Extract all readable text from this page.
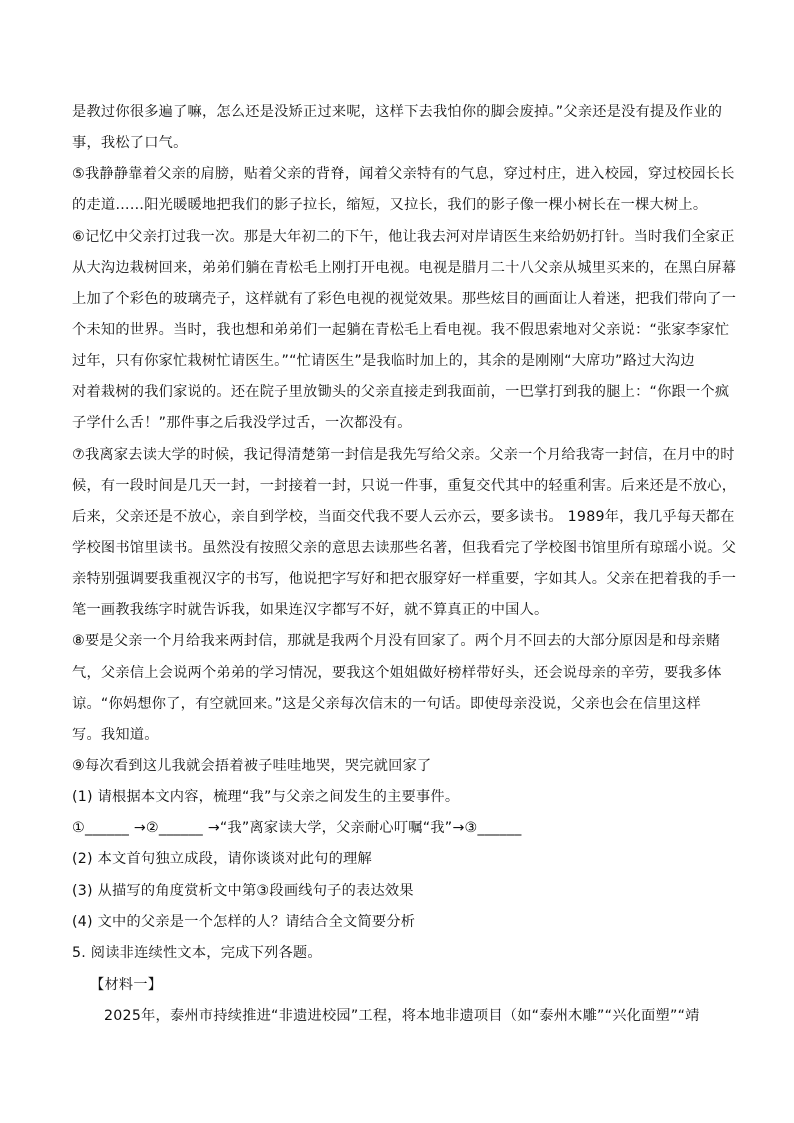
是教过你很多遍了嘛，怎么还是没矫正过来呢，这样下去我怕你的脚会废掉。”父亲还是没有提及作业的
事，我松了口气。
⑤我静静靠着父亲的肩膀，贴着父亲的背脊，闻着父亲特有的气息，穿过村庄，进入校园，穿过校园长长
的走道……阳光暖暖地把我们的影子拉长，缩短，又拉长，我们的影子像一棵小树长在一棵大树上。
⑥记忆中父亲打过我一次。那是大年初二的下午，他让我去河对岸请医生来给奶奶打针。当时我们全家正
从大沟边栽树回来，弟弟们躺在青松毛上刚打开电视。电视是腊月二十八父亲从城里买来的，在黑白屏幕
上加了个彩色的玻璃壳子，这样就有了彩色电视的视觉效果。那些炫目的画面让人着迷，把我们带向了一
个未知的世界。当时，我也想和弟弟们一起躺在青松毛上看电视。我不假思索地对父亲说：“张家李家忙
过年，只有你家忙栽树忙请医生。”“忙请医生”是我临时加上的，其余的是刚刚“大席功”路过大沟边
对着栽树的我们家说的。还在院子里放锄头的父亲直接走到我面前，一巴掌打到我的腿上：“你跟一个疯
子学什么舌！”那件事之后我没学过舌，一次都没有。
⑦我离家去读大学的时候，我记得清楚第一封信是我先写给父亲。父亲一个月给我寄一封信，在月中的时
候，有一段时间是几天一封，一封接着一封，只说一件事，重复交代其中的轻重利害。后来还是不放心，
后来，父亲还是不放心，亲自到学校，当面交代我不要人云亦云，要多读书。 1989年，我几乎每天都在
学校图书馆里读书。虽然没有按照父亲的意思去读那些名著，但我看完了学校图书馆里所有琼瑶小说。父
亲特别强调要我重视汉字的书写，他说把字写好和把衣服穿好一样重要，字如其人。父亲在把着我的手一
笔一画教我练字时就告诉我，如果连汉字都写不好，就不算真正的中国人。
⑧要是父亲一个月给我来两封信，那就是我两个月没有回家了。两个月不回去的大部分原因是和母亲赌
气，父亲信上会说两个弟弟的学习情况，要我这个姐姐做好榜样带好头，还会说母亲的辛劳，要我多体
谅。“你妈想你了，有空就回来。”这是父亲每次信末的一句话。即使母亲没说，父亲也会在信里这样
写。我知道。
⑨每次看到这儿我就会捂着被子哇哇地哭，哭完就回家了
(1) 请根据本文内容，梳理“我”与父亲之间发生的主要事件。
①______ →②______ →“我”离家读大学，父亲耐心叮嘱“我”→③______
(2) 本文首句独立成段，请你谈谈对此句的理解
(3) 从描写的角度赏析文中第③段画线句子的表达效果
(4) 文中的父亲是一个怎样的人？请结合全文简要分析
5. 阅读非连续性文本，完成下列各题。
【材料一】
2025年，泰州市持续推进“非遗进校园”工程，将本地非遗项目（如“泰州木雕”“兴化面塑”“靖
